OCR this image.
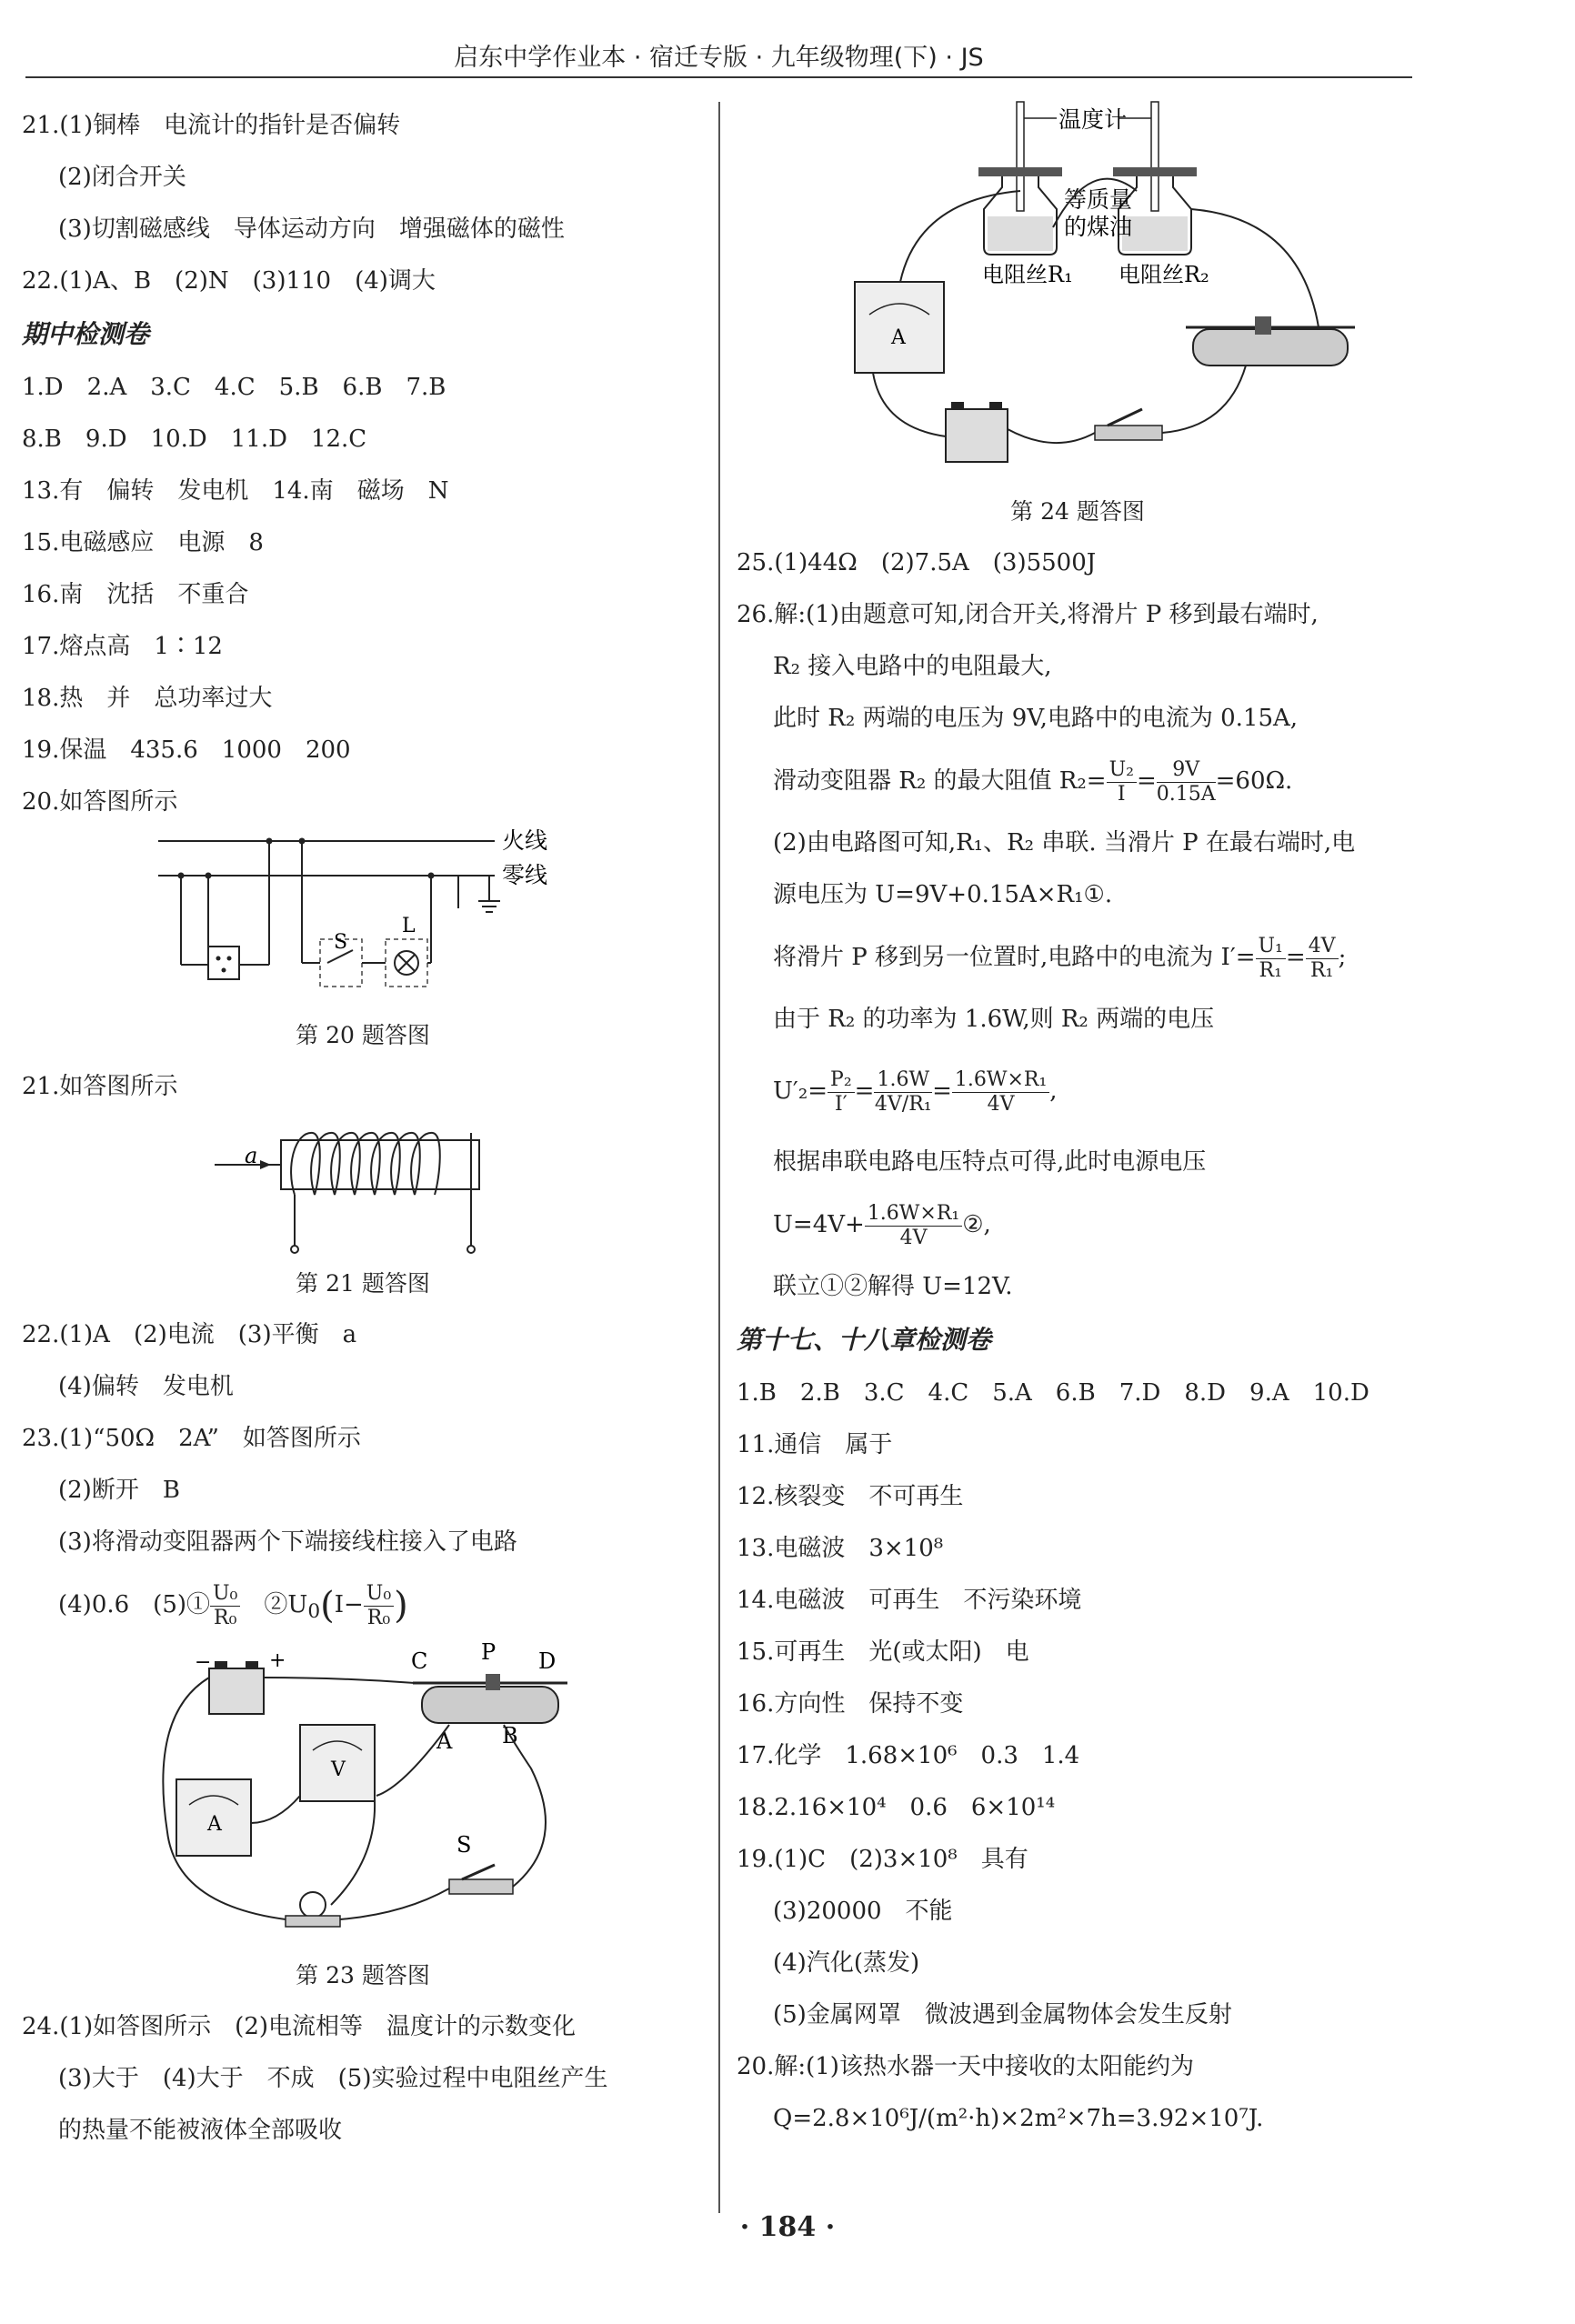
启东中学作业本 · 宿迁专版 · 九年级物理(下) · JS
21.(1)铜棒　电流计的指针是否偏转
(2)闭合开关
(3)切割磁感线　导体运动方向　增强磁体的磁性
22.(1)A、B　(2)N　(3)110　(4)调大
期中检测卷
1.D　2.A　3.C　4.C　5.B　6.B　7.B
8.B　9.D　10.D　11.D　12.C
13.有　偏转　发电机　14.南　磁场　N
15.电磁感应　电源　8
16.南　沈括　不重合
17.熔点高　1∶12
18.热　并　总功率过大
19.保温　435.6　1000　200
20.如答图所示
火线
零线
S
L
第 20 题答图
21.如答图所示
a
第 21 题答图
22.(1)A　(2)电流　(3)平衡　a
(4)偏转　发电机
23.(1)“50Ω　2A”　如答图所示
(2)断开　B
(3)将滑动变阻器两个下端接线柱接入了电路
(4)0.6　(5)① $\frac{\text{U₀}}{\text{R₀}}$
　 $②U_0(I- \frac{\text{U₀}}{\text{R₀}}$ )
−	+	C P D
A B
V
A
S
第 23 题答图
24.(1)如答图所示　(2)电流相等　温度计的示数变化
(3)大于　(4)大于　不成　(5)实验过程中电阻丝产生
的热量不能被液体全部吸收
温度计
等质量
的煤油
电阻丝R₁ 电阻丝R₂
A
第 24 题答图
25.(1)44Ω　(2)7.5A　(3)5500J
26.解:(1)由题意可知,闭合开关,将滑片 P 移到最右端时,
R₂ 接入电路中的电阻最大,
此时 R₂ 两端的电压为 9V,电路中的电流为 0.15A,
滑动变阻器 R₂ 的最大阻值 $R_2= \frac{\text{U₂}}{I} = \frac{9V}{0.15A} =60\Omega$.
(2)由电路图可知,R₁、R₂ 串联. 当滑片 P 在最右端时,电
源电压为 U=9V+0.15A×R₁①.
将滑片 P 移到另一位置时,电路中的电流为 $I'= \frac{\text{U₁}}{\text{R₁}} = \frac{4V}{\text{R₁}}$ ;
由于 R₂ 的功率为 1.6W,则 R₂ 两端的电压
$U'_2= \frac{\text{P₂}}{I'} = \frac{1.6W}{\text{4V/R₁}} = \frac{\text{1.6W×R₁}}{4V}$ ,
根据串联电路电压特点可得,此时电源电压
$U=4V+ \frac{\text{1.6W×R₁}}{4V}$ ②,
联立①②解得 U=12V.
第十七、十八章检测卷
1.B　2.B　3.C　4.C　5.A　6.B　7.D　8.D　9.A　10.D
11.通信　属于
12.核裂变　不可再生
13.电磁波　3×10⁸
14.电磁波　可再生　不污染环境
15.可再生　光(或太阳)　电
16.方向性　保持不变
17.化学　1.68×10⁶　0.3　1.4
18.2.16×10⁴　0.6　6×10¹⁴
19.(1)C　(2)3×10⁸　具有
(3)20000　不能
(4)汽化(蒸发)
(5)金属网罩　微波遇到金属物体会发生反射
20.解:(1)该热水器一天中接收的太阳能约为
Q=2.8×10⁶J/(m²·h)×2m²×7h=3.92×10⁷J.
· 184 ·
